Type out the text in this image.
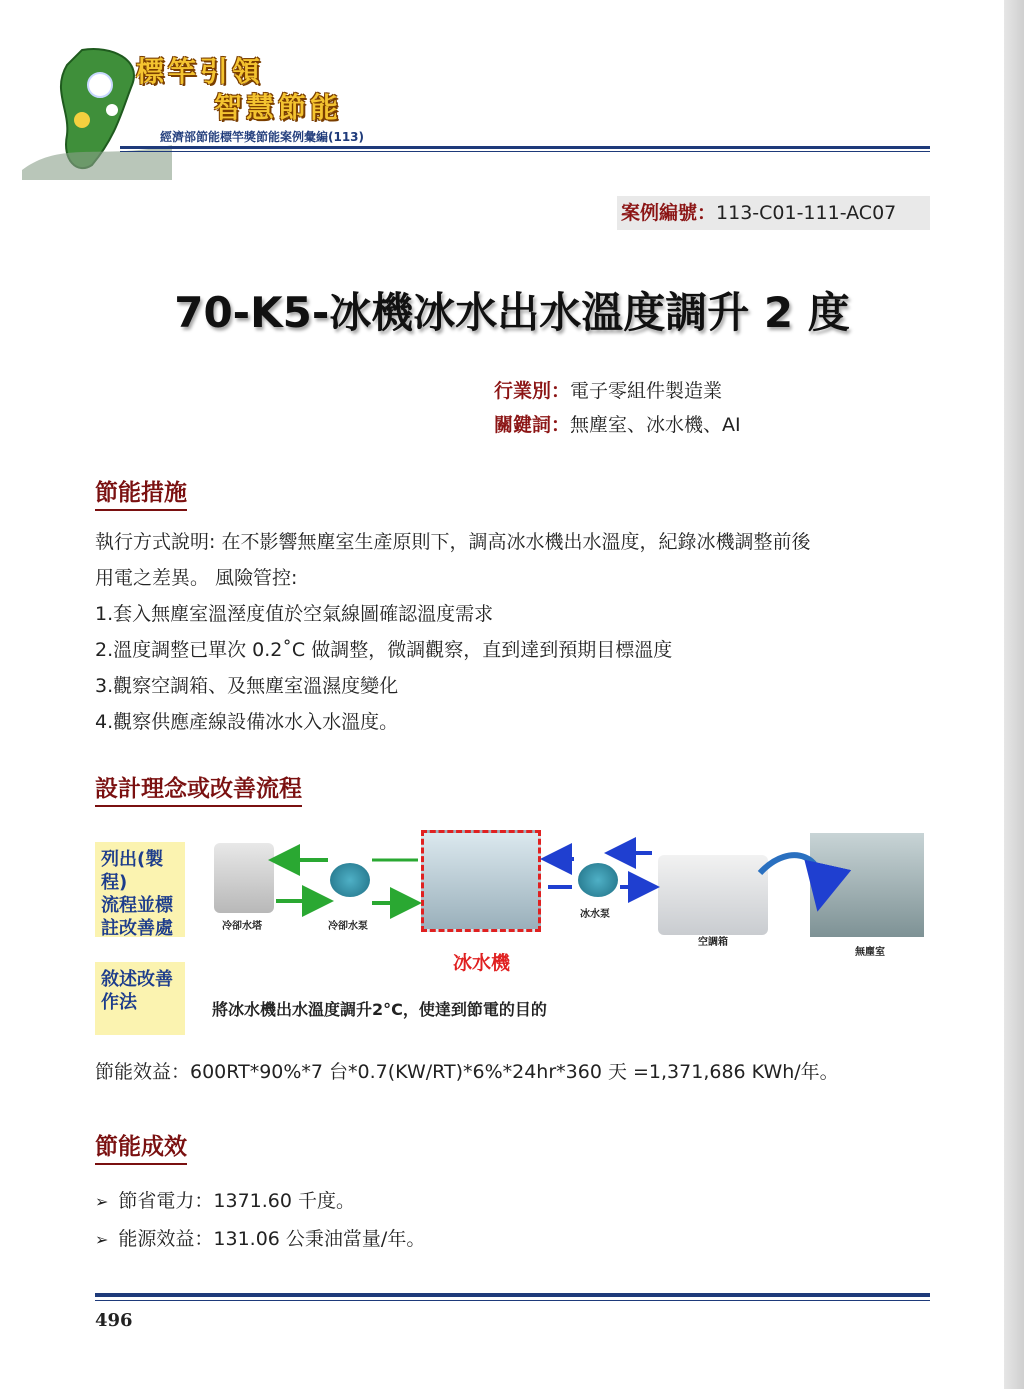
標竿引領
智慧節能
經濟部節能標竿獎節能案例彙編(113)
案例編號：113-C01-111-AC07
70-K5-冰機冰水出水溫度調升 2 度
行業別：電子零組件製造業
關鍵詞：無塵室、冰水機、AI
節能措施
執行方式說明: 在不影響無塵室生產原則下，調高冰水機出水溫度，紀錄冰機調整前後
用電之差異。 風險管控:
1.套入無塵室溫溼度值於空氣線圖確認溫度需求
2.溫度調整已單次 0.2˚C 做調整，微調觀察，直到達到預期目標溫度
3.觀察空調箱、及無塵室溫濕度變化
4.觀察供應產線設備冰水入水溫度。
設計理念或改善流程
列出(製程)
流程並標
註改善處
敘述改善
作法
冷卻水塔	冷卻水泵
冰水機
冰水泵
空調箱
無塵室
將冰水機出水溫度調升2°C，使達到節電的目的
節能效益：600RT*90%*7 台*0.7(KW/RT)*6%*24hr*360 天 =1,371,686 KWh/年。
節能成效
➢ 節省電力：1371.60 千度。
➢ 能源效益：131.06 公秉油當量/年。
496
